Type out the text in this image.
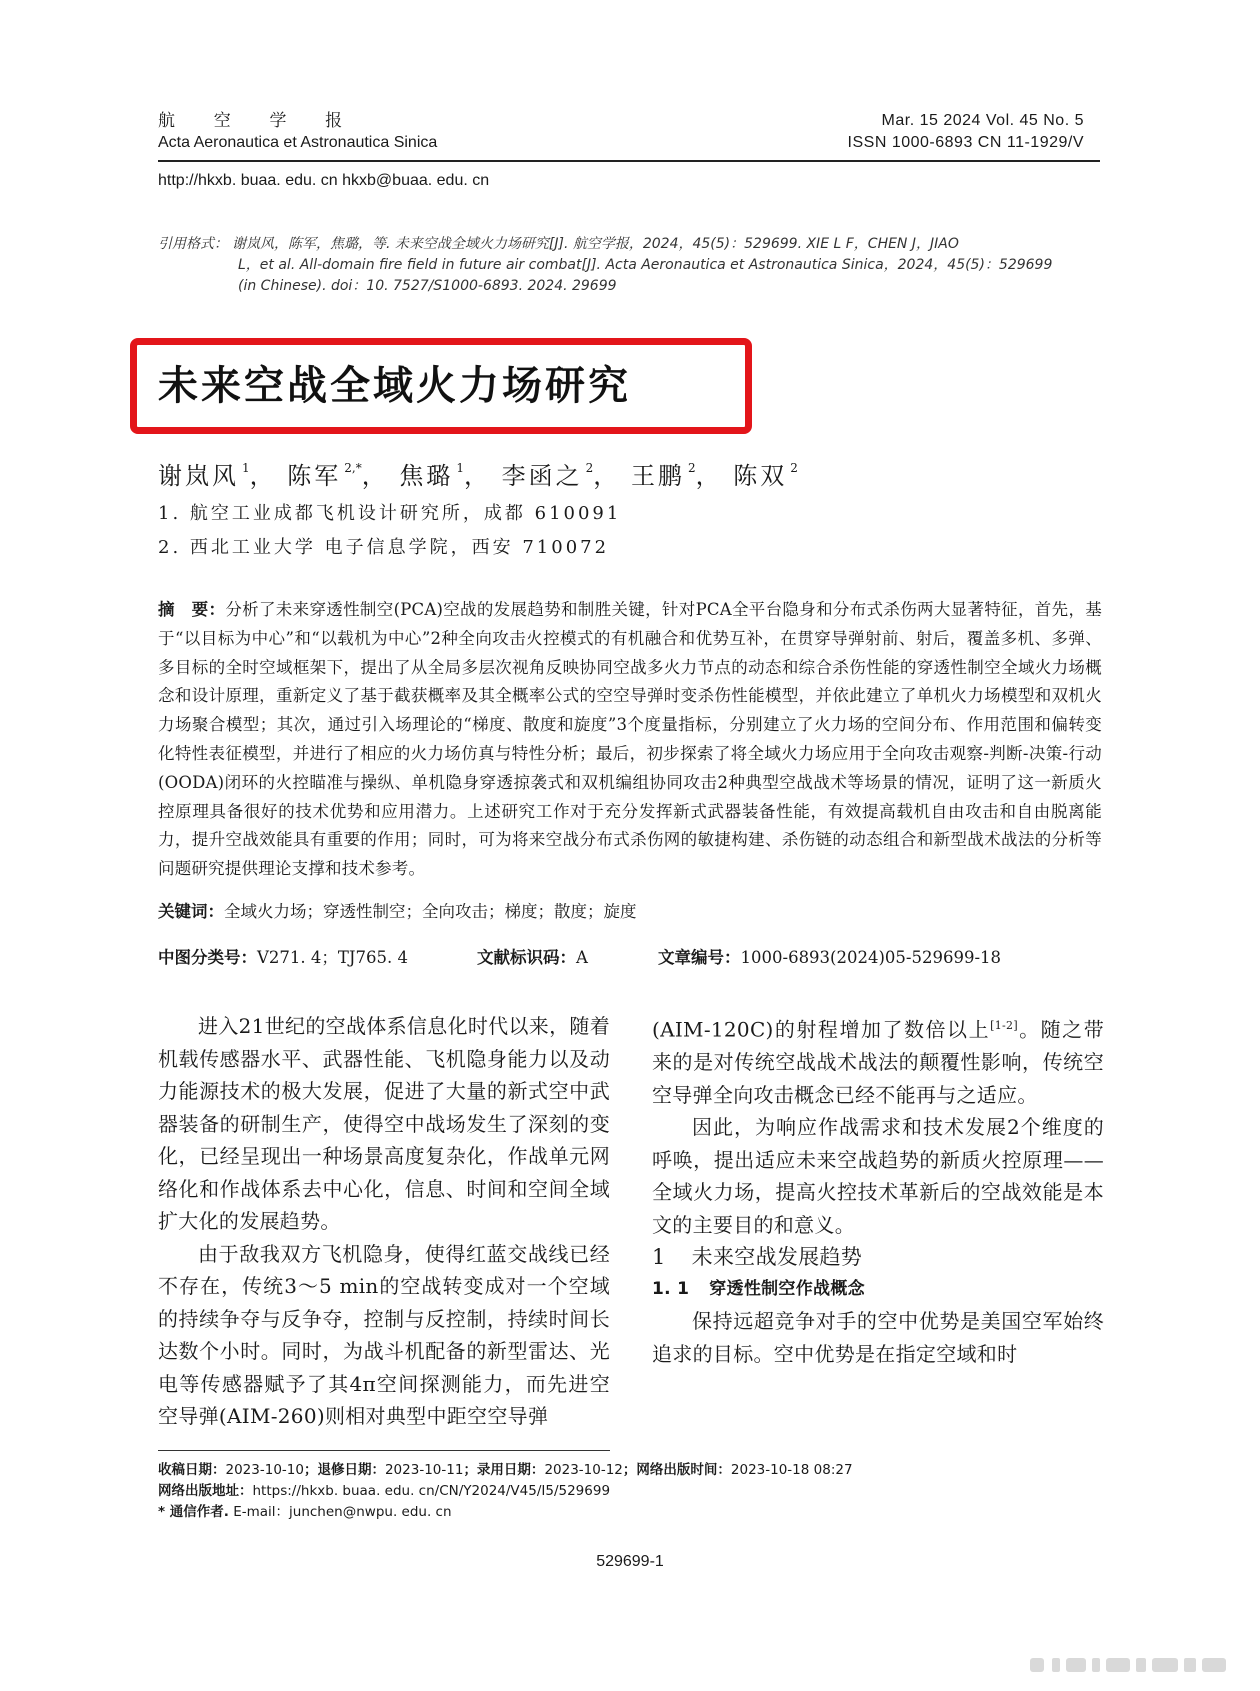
航 空 学 报
Acta Aeronautica et Astronautica Sinica
Mar. 15 2024 Vol. 45 No. 5
ISSN 1000-6893 CN 11-1929/V
http://hkxb. buaa. edu. cn hkxb@buaa. edu. cn
引用格式： 谢岚风，陈军，焦璐，等. 未来空战全域火力场研究[J]. 航空学报，2024，45(5)：529699. XIE L F，CHEN J，JIAO
L，et al. All-domain fire field in future air combat[J]. Acta Aeronautica et Astronautica Sinica，2024，45(5)：529699
(in Chinese). doi：10. 7527/S1000-6893. 2024. 29699
未来空战全域火力场研究
谢岚风 $^1$， 陈军 $^{2,*}$， 焦璐 $^1$， 李函之 $^2$， 王鹏 $^2$， 陈双 $^2$
1. 航空工业成都飞机设计研究所，成都 610091
2. 西北工业大学 电子信息学院，西安 710072
摘　要：分析了未来穿透性制空(PCA)空战的发展趋势和制胜关键，针对PCA全平台隐身和分布式杀伤两大显著特征，首先，基于“以目标为中心”和“以载机为中心”2种全向攻击火控模式的有机融合和优势互补，在贯穿导弹射前、射后，覆盖多机、多弹、多目标的全时空域框架下，提出了从全局多层次视角反映协同空战多火力节点的动态和综合杀伤性能的穿透性制空全域火力场概念和设计原理，重新定义了基于截获概率及其全概率公式的空空导弹时变杀伤性能模型，并依此建立了单机火力场模型和双机火力场聚合模型；其次，通过引入场理论的“梯度、散度和旋度”3个度量指标，分别建立了火力场的空间分布、作用范围和偏转变化特性表征模型，并进行了相应的火力场仿真与特性分析；最后，初步探索了将全域火力场应用于全向攻击观察-判断-决策-行动(OODA)闭环的火控瞄准与操纵、单机隐身穿透掠袭式和双机编组协同攻击2种典型空战战术等场景的情况，证明了这一新质火控原理具备很好的技术优势和应用潜力。上述研究工作对于充分发挥新式武器装备性能，有效提高载机自由攻击和自由脱离能力，提升空战效能具有重要的作用；同时，可为将来空战分布式杀伤网的敏捷构建、杀伤链的动态组合和新型战术战法的分析等问题研究提供理论支撑和技术参考。
关键词：全域火力场；穿透性制空；全向攻击；梯度；散度；旋度
中图分类号：V271. 4；TJ765. 4	文献标识码：A	文章编号：1000-6893(2024)05-529699-18

进入21世纪的空战体系信息化时代以来，随着机载传感器水平、武器性能、飞机隐身能力以及动力能源技术的极大发展，促进了大量的新式空中武器装备的研制生产，使得空中战场发生了深刻的变化，已经呈现出一种场景高度复杂化，作战单元网络化和作战体系去中心化，信息、时间和空间全域扩大化的发展趋势。

由于敌我双方飞机隐身，使得红蓝交战线已经不存在，传统3～5 min的空战转变成对一个空域的持续争夺与反争夺，控制与反控制，持续时间长达数个小时。同时，为战斗机配备的新型雷达、光电等传感器赋予了其4π空间探测能力，而先进空空导弹(AIM-260)则相对典型中距空空导弹

(AIM-120C)的射程增加了数倍以上[1-2]。随之带来的是对传统空战战术战法的颠覆性影响，传统空空导弹全向攻击概念已经不能再与之适应。

因此，为响应作战需求和技术发展2个维度的呼唤，提出适应未来空战趋势的新质火控原理——全域火力场，提高火控技术革新后的空战效能是本文的主要目的和意义。

1 未来空战发展趋势

1. 1 穿透性制空作战概念

保持远超竞争对手的空中优势是美国空军始终追求的目标。空中优势是在指定空域和时

收稿日期：2023-10-10；退修日期：2023-10-11；录用日期：2023-10-12；网络出版时间：2023-10-18 08:27
网络出版地址：https://hkxb. buaa. edu. cn/CN/Y2024/V45/I5/529699
* 通信作者. E-mail：junchen@nwpu. edu. cn
529699-1
